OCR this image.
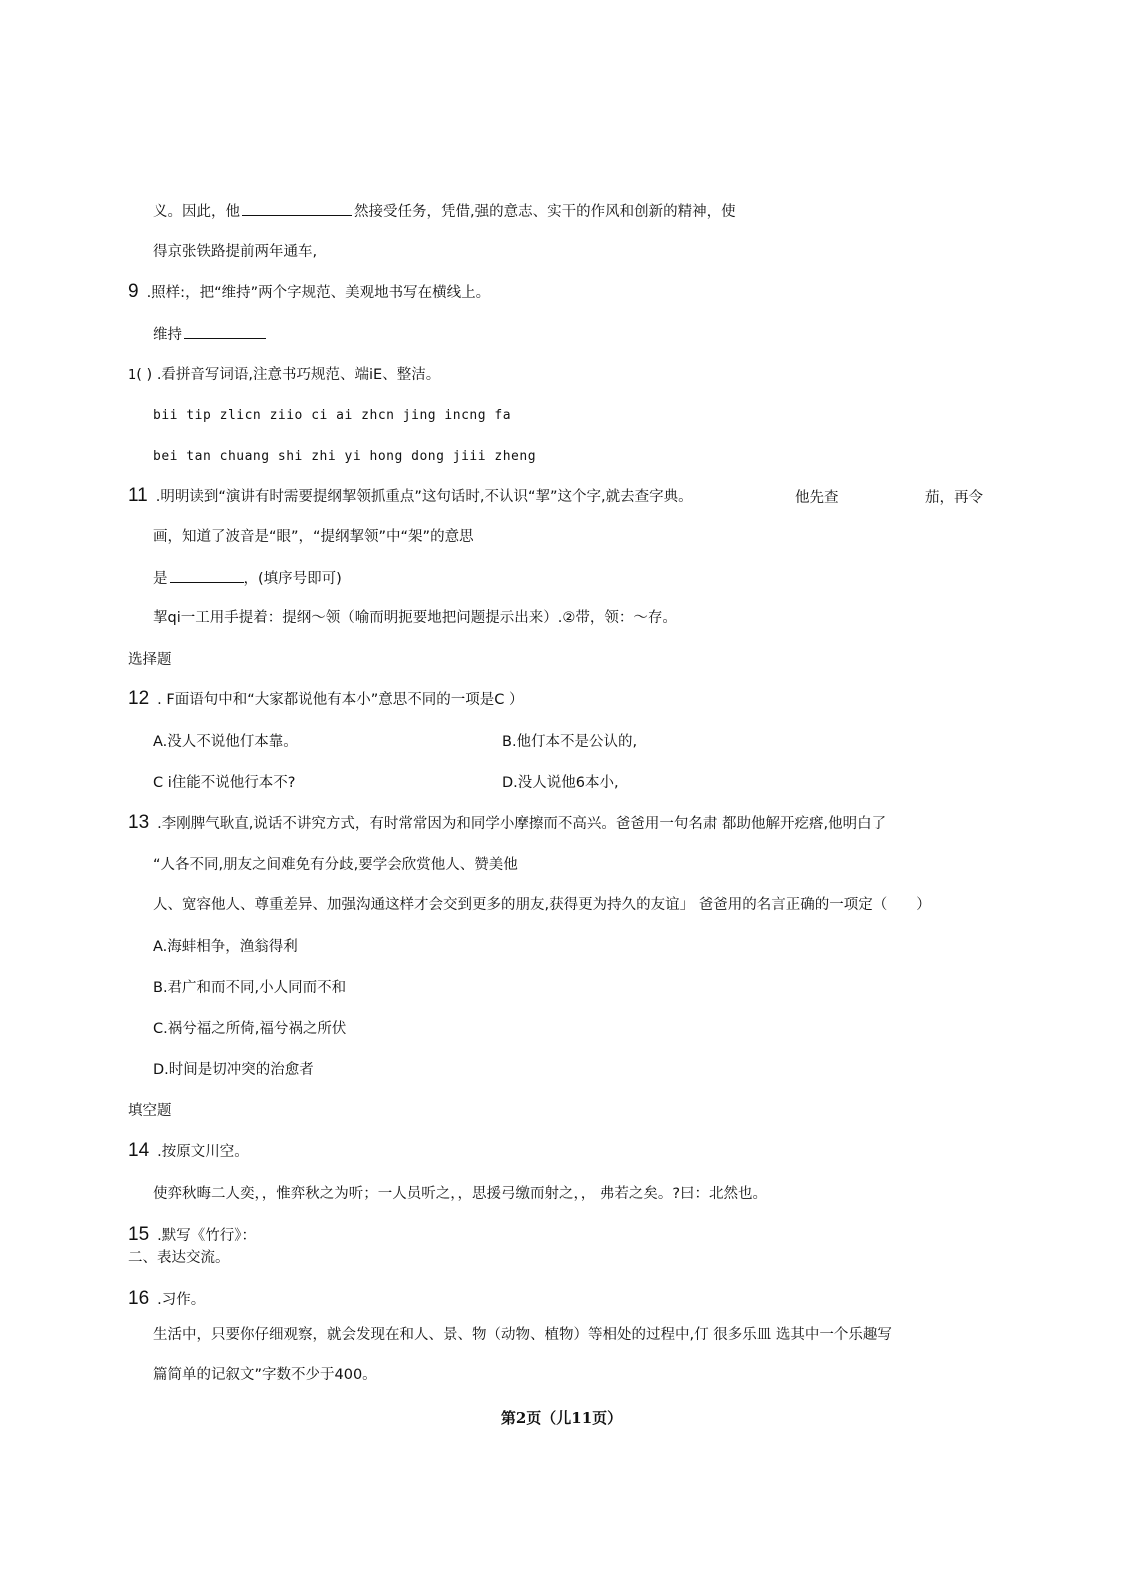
义。因此，他	然接受任务，凭借,强的意志、实干的作风和创新的精神，使
得京张铁路提前两年通车,
9 .照样:，把“维持”两个字规范、美观地书写在横线上。
维持
1( ) .看拼音写词语,注意书巧规范、端iE、整洁。
bii tip zlicn ziio ci ai zhcn jing incng fa
bei tan chuang shi zhi yi hong dong jiii zheng
11 .明明读到“演讲有时需要提纲挈领抓重点”这句话时,不认识“挈”这个字,就去查字典。	他先查	茄，再令
画，知道了波音是“眼”，“提纲挈领”中“架”的意思
是	，(填序号即可)
挈qi一工用手提着：提纲〜领（喻而明扼要地把问题提示出来）.②带，领：〜存。
选择题
12 . F面语句中和“大家都说他有本小”意思不同的一项是C ）
A.没人不说他仃本靠。	B.他仃本不是公认的,
C i住能不说他行本不?	D.没人说他6本小,
13 .李刚脾气耿直,说话不讲究方式，有时常常因为和同学小摩擦而不高兴。爸爸用一句名肃 都助他解开疙瘩,他明白了
“人各不同,朋友之间难免有分歧,要学会欣赏他人、赞美他
人、宽容他人、尊重差异、加强沟通这样才会交到更多的朋友,获得更为持久的友谊」 爸爸用的名言正确的一项定（　　）
A.海蚌相争，渔翁得利
B.君广和而不同,小人同而不和
C.祸兮福之所倚,福兮祸之所伏
D.时间是切冲突的治愈者
填空题
14 .按原文川空。
使弈秋晦二人奕，，惟弈秋之为听；一人员听之，，思援弓缴而射之，， 弗若之矣。?曰：北然也。
15 .默写《竹行》：
二、表达交流。
16 .习作。
生活中，只要你仔细观察，就会发现在和人、景、物（动物、植物）等相处的过程中,仃 很多乐皿 选其中一个乐趣写
篇简单的记叙文”字数不少于400。
第2页（儿11页）
